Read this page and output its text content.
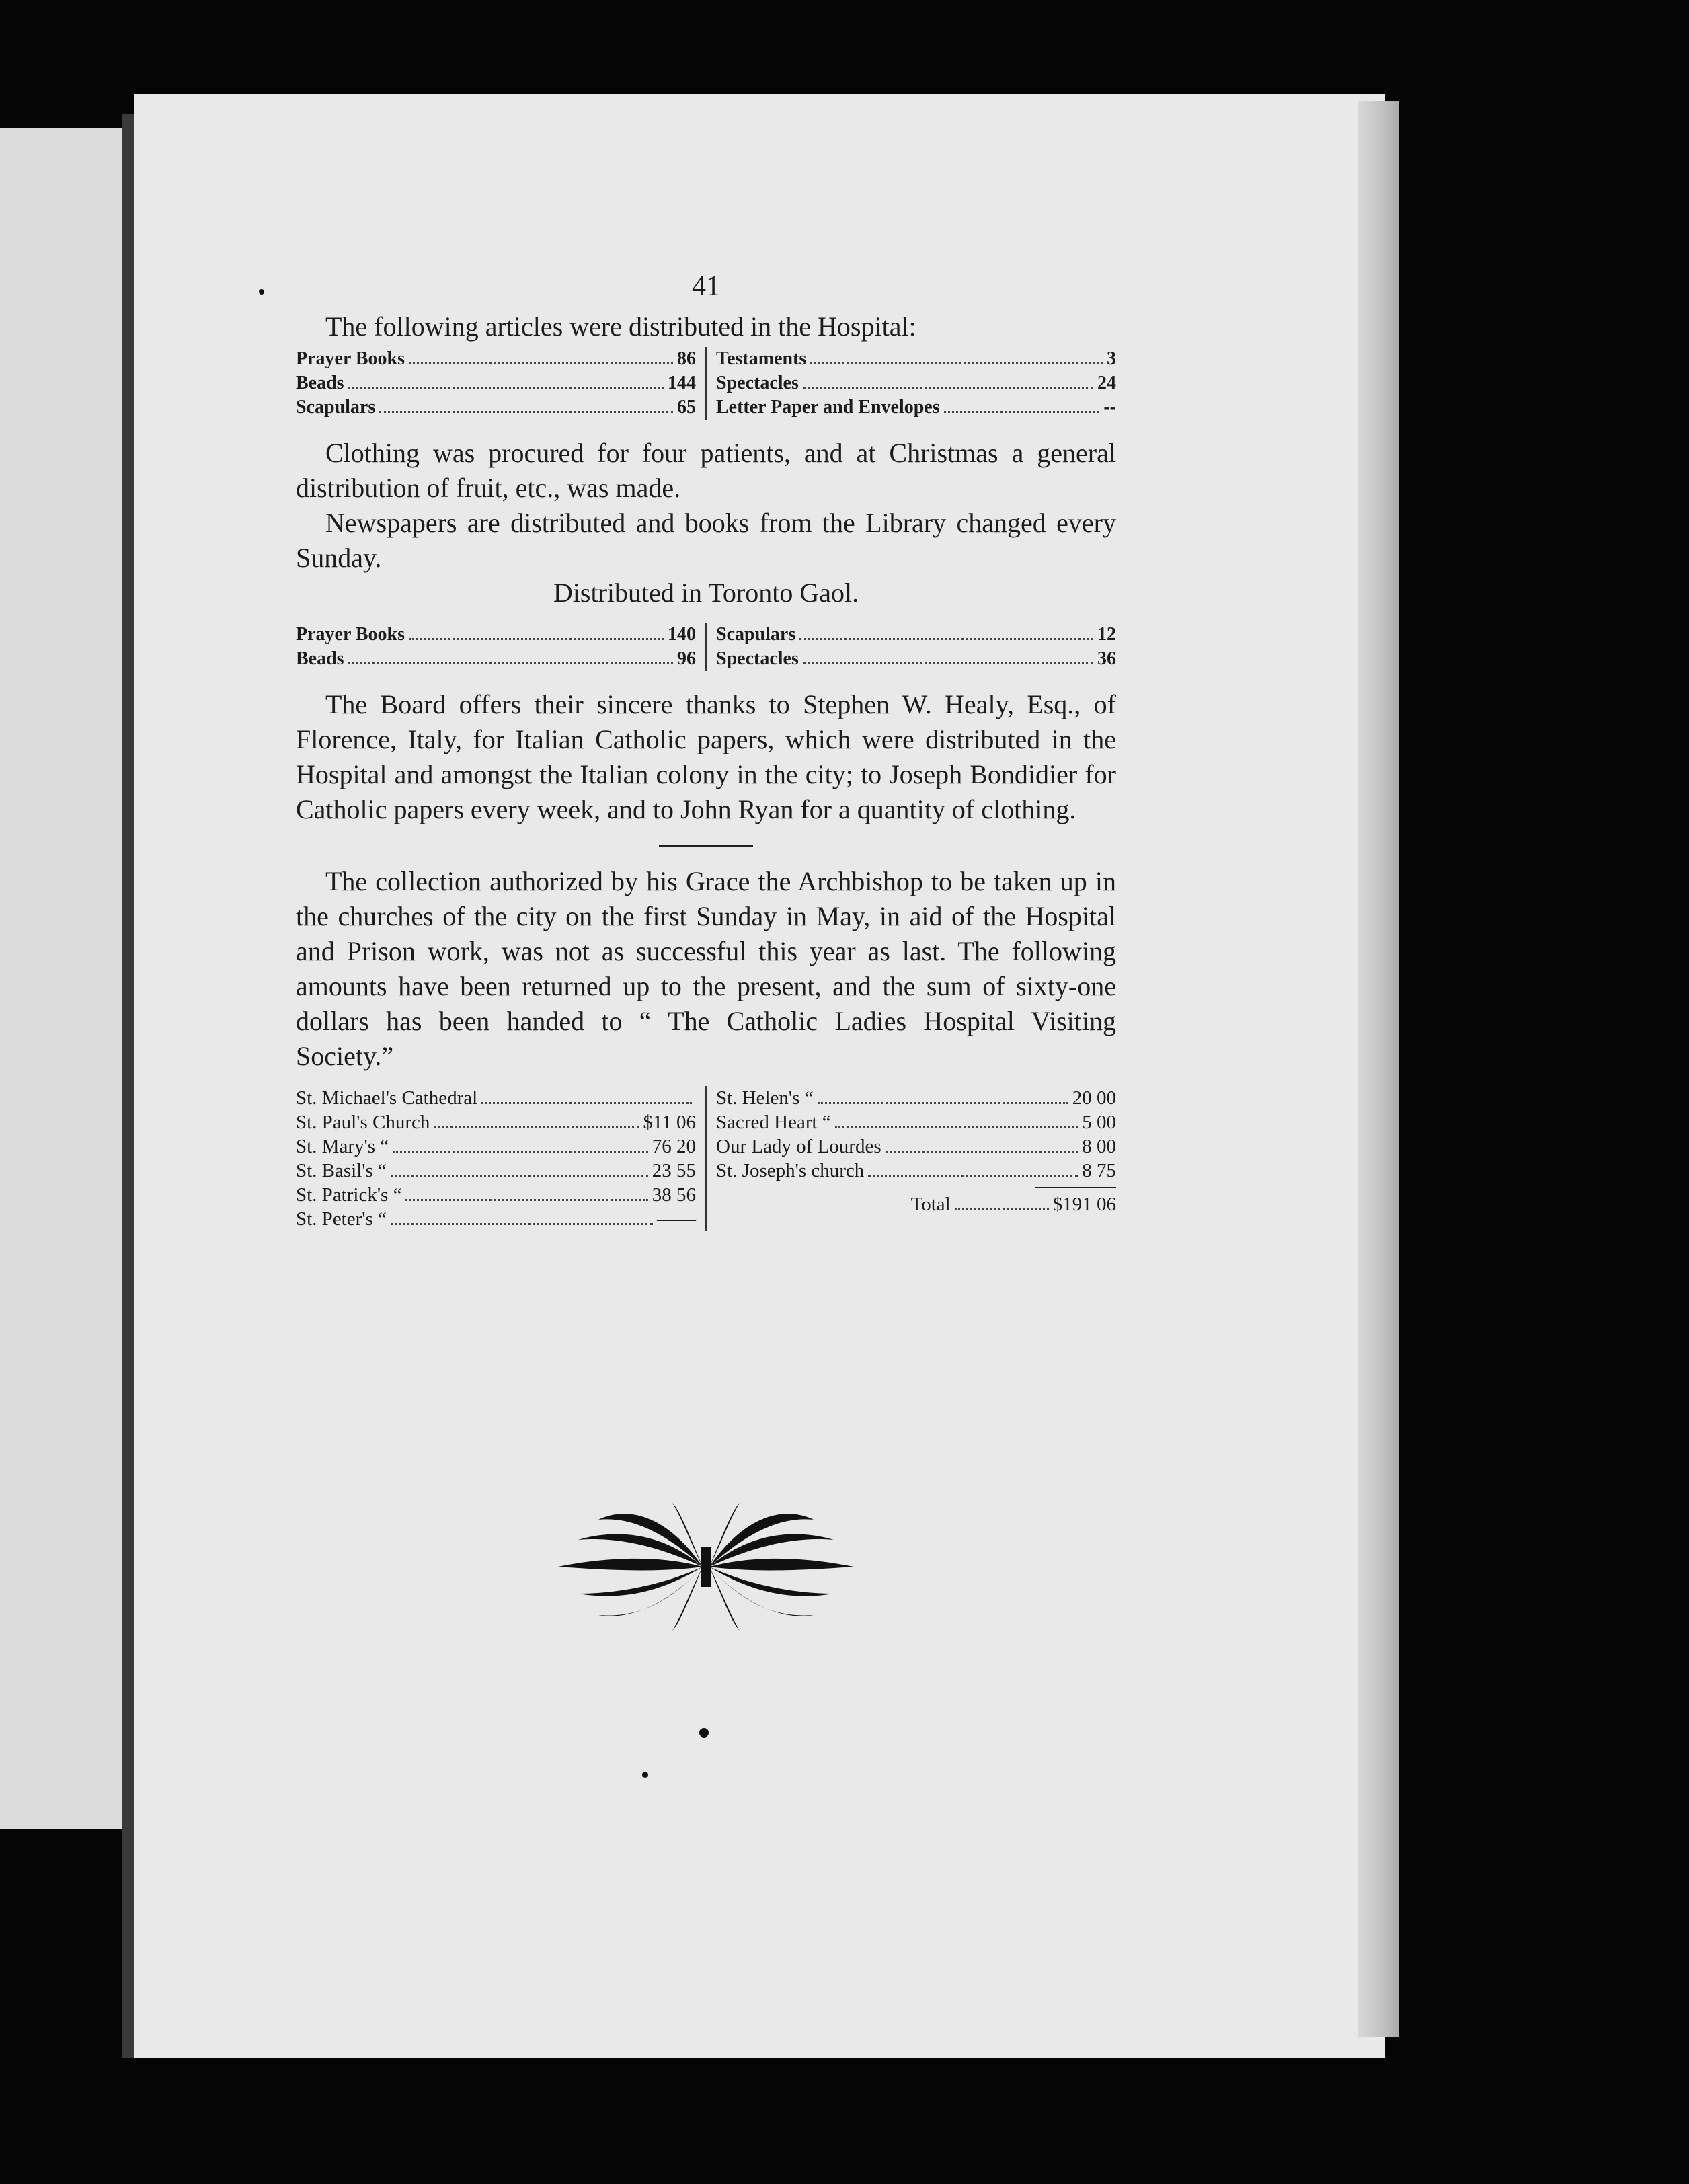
41

The following articles were distributed in the Hospital:

Prayer Books	86
Beads	144
Scapulars	65
Testaments	3
Spectacles	24
Letter Paper and Envelopes	--

Clothing was procured for four patients, and at Christmas a general distribution of fruit, etc., was made.

Newspapers are distributed and books from the Library changed every Sunday.

Distributed in Toronto Gaol.

Prayer Books	140
Beads	96
Scapulars	12
Spectacles	36

The Board offers their sincere thanks to Stephen W. Healy, Esq., of Florence, Italy, for Italian Catholic papers, which were distributed in the Hospital and amongst the Italian colony in the city; to Joseph Bondidier for Catholic papers every week, and to John Ryan for a quantity of clothing.

The collection authorized by his Grace the Archbishop to be taken up in the churches of the city on the first Sunday in May, in aid of the Hospital and Prison work, was not as successful this year as last. The following amounts have been returned up to the present, and the sum of sixty-one dollars has been handed to “ The Catholic Ladies Hospital Visiting Society.”

St. Michael's Cathedral
St. Paul's Church	$11 06
St. Mary's “	76 20
St. Basil's “	23 55
St. Patrick's “	38 56
St. Peter's “	——
St. Helen's “	20 00
Sacred Heart “	5 00
Our Lady of Lourdes	8 00
St. Joseph's church	8 75
Total	$191 06
